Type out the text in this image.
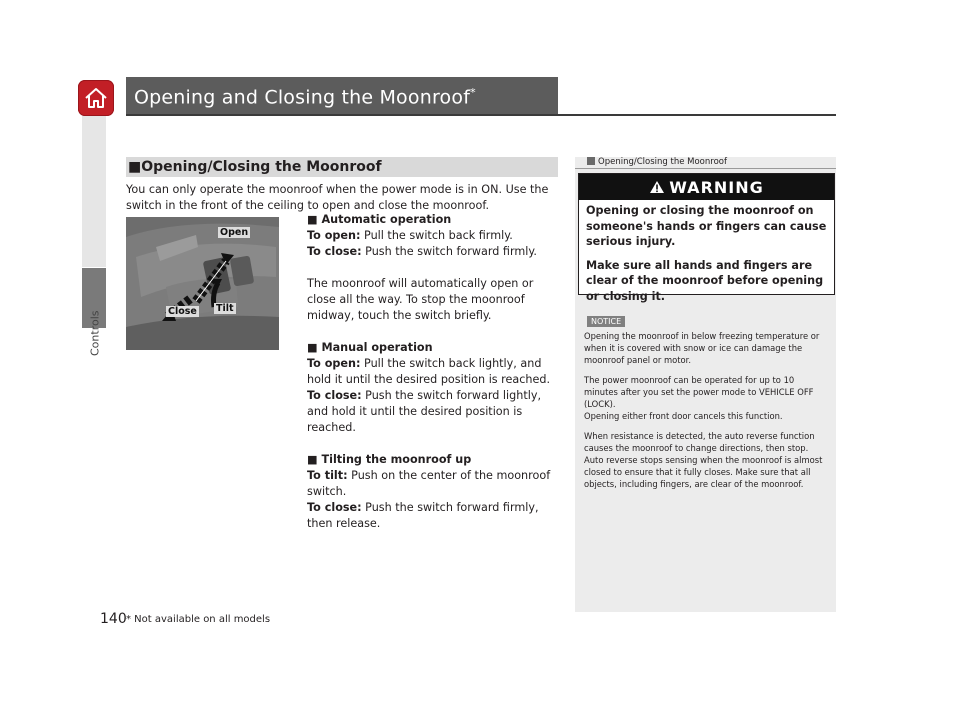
Controls
Opening and Closing the Moonroof*
■Opening/Closing the Moonroof
You can only operate the moonroof when the power mode is in ON. Use the switch in the front of the ceiling to open and close the moonroof.
Open
Close Tilt

■ Automatic operation

To open: Pull the switch back firmly.

To close: Push the switch forward firmly.

The moonroof will automatically open or close all the way. To stop the moonroof midway, touch the switch briefly.

■ Manual operation

To open: Pull the switch back lightly, and hold it until the desired position is reached.

To close: Push the switch forward lightly, and hold it until the desired position is reached.

■ Tilting the moonroof up

To tilt: Push on the center of the moonroof switch.

To close: Push the switch forward firmly, then release.

Opening/Closing the Moonroof
WARNING

Opening or closing the moonroof on someone's hands or fingers can cause serious injury.

Make sure all hands and fingers are clear of the moonroof before opening or closing it.

NOTICE

Opening the moonroof in below freezing temperature or when it is covered with snow or ice can damage the moonroof panel or motor.

The power moonroof can be operated for up to 10 minutes after you set the power mode to VEHICLE OFF (LOCK).

Opening either front door cancels this function.

When resistance is detected, the auto reverse function causes the moonroof to change directions, then stop. Auto reverse stops sensing when the moonroof is almost closed to ensure that it fully closes. Make sure that all objects, including fingers, are clear of the moonroof.

140 * Not available on all models
